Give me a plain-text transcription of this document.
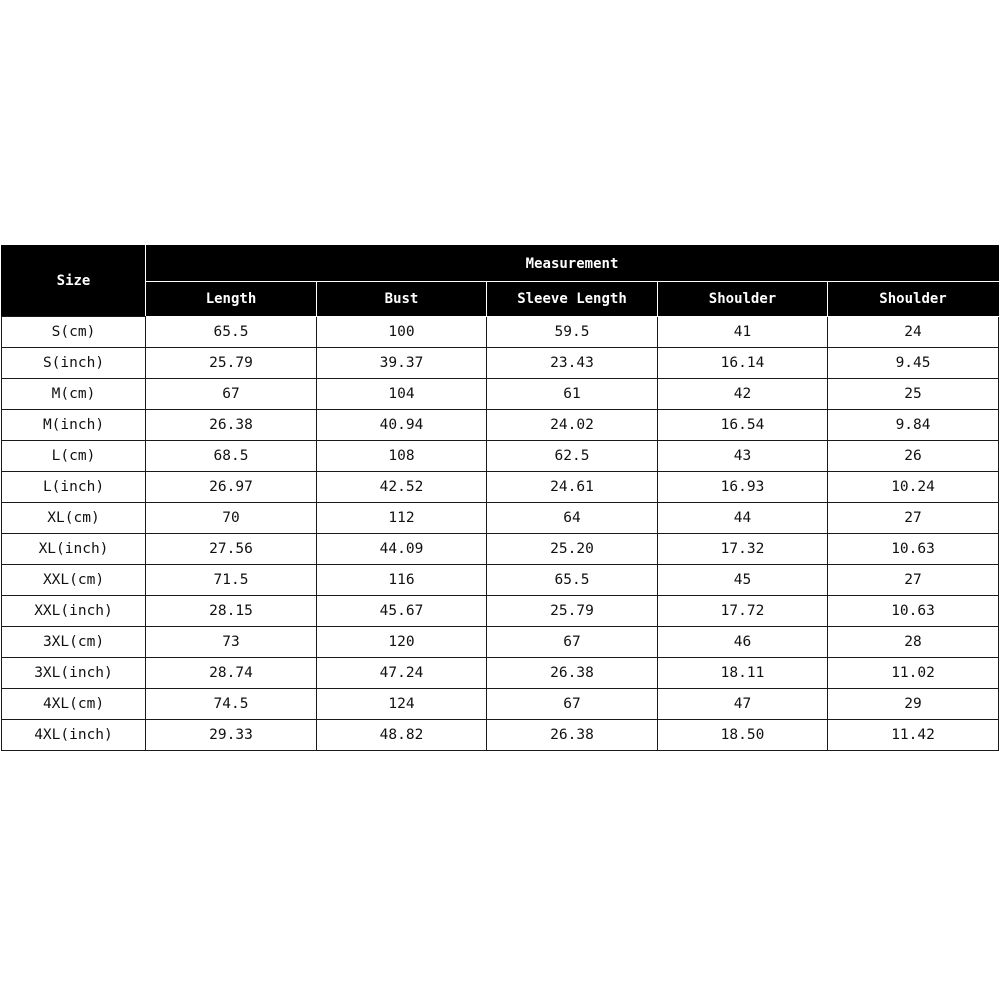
Size	Measurement				
	Length	Bust	Sleeve Length	Shoulder	Shoulder
S(cm)	65.5	100	59.5	41	24
S(inch)	25.79	39.37	23.43	16.14	9.45
M(cm)	67	104	61	42	25
M(inch)	26.38	40.94	24.02	16.54	9.84
L(cm)	68.5	108	62.5	43	26
L(inch)	26.97	42.52	24.61	16.93	10.24
XL(cm)	70	112	64	44	27
XL(inch)	27.56	44.09	25.20	17.32	10.63
XXL(cm)	71.5	116	65.5	45	27
XXL(inch)	28.15	45.67	25.79	17.72	10.63
3XL(cm)	73	120	67	46	28
3XL(inch)	28.74	47.24	26.38	18.11	11.02
4XL(cm)	74.5	124	67	47	29
4XL(inch)	29.33	48.82	26.38	18.50	11.42
